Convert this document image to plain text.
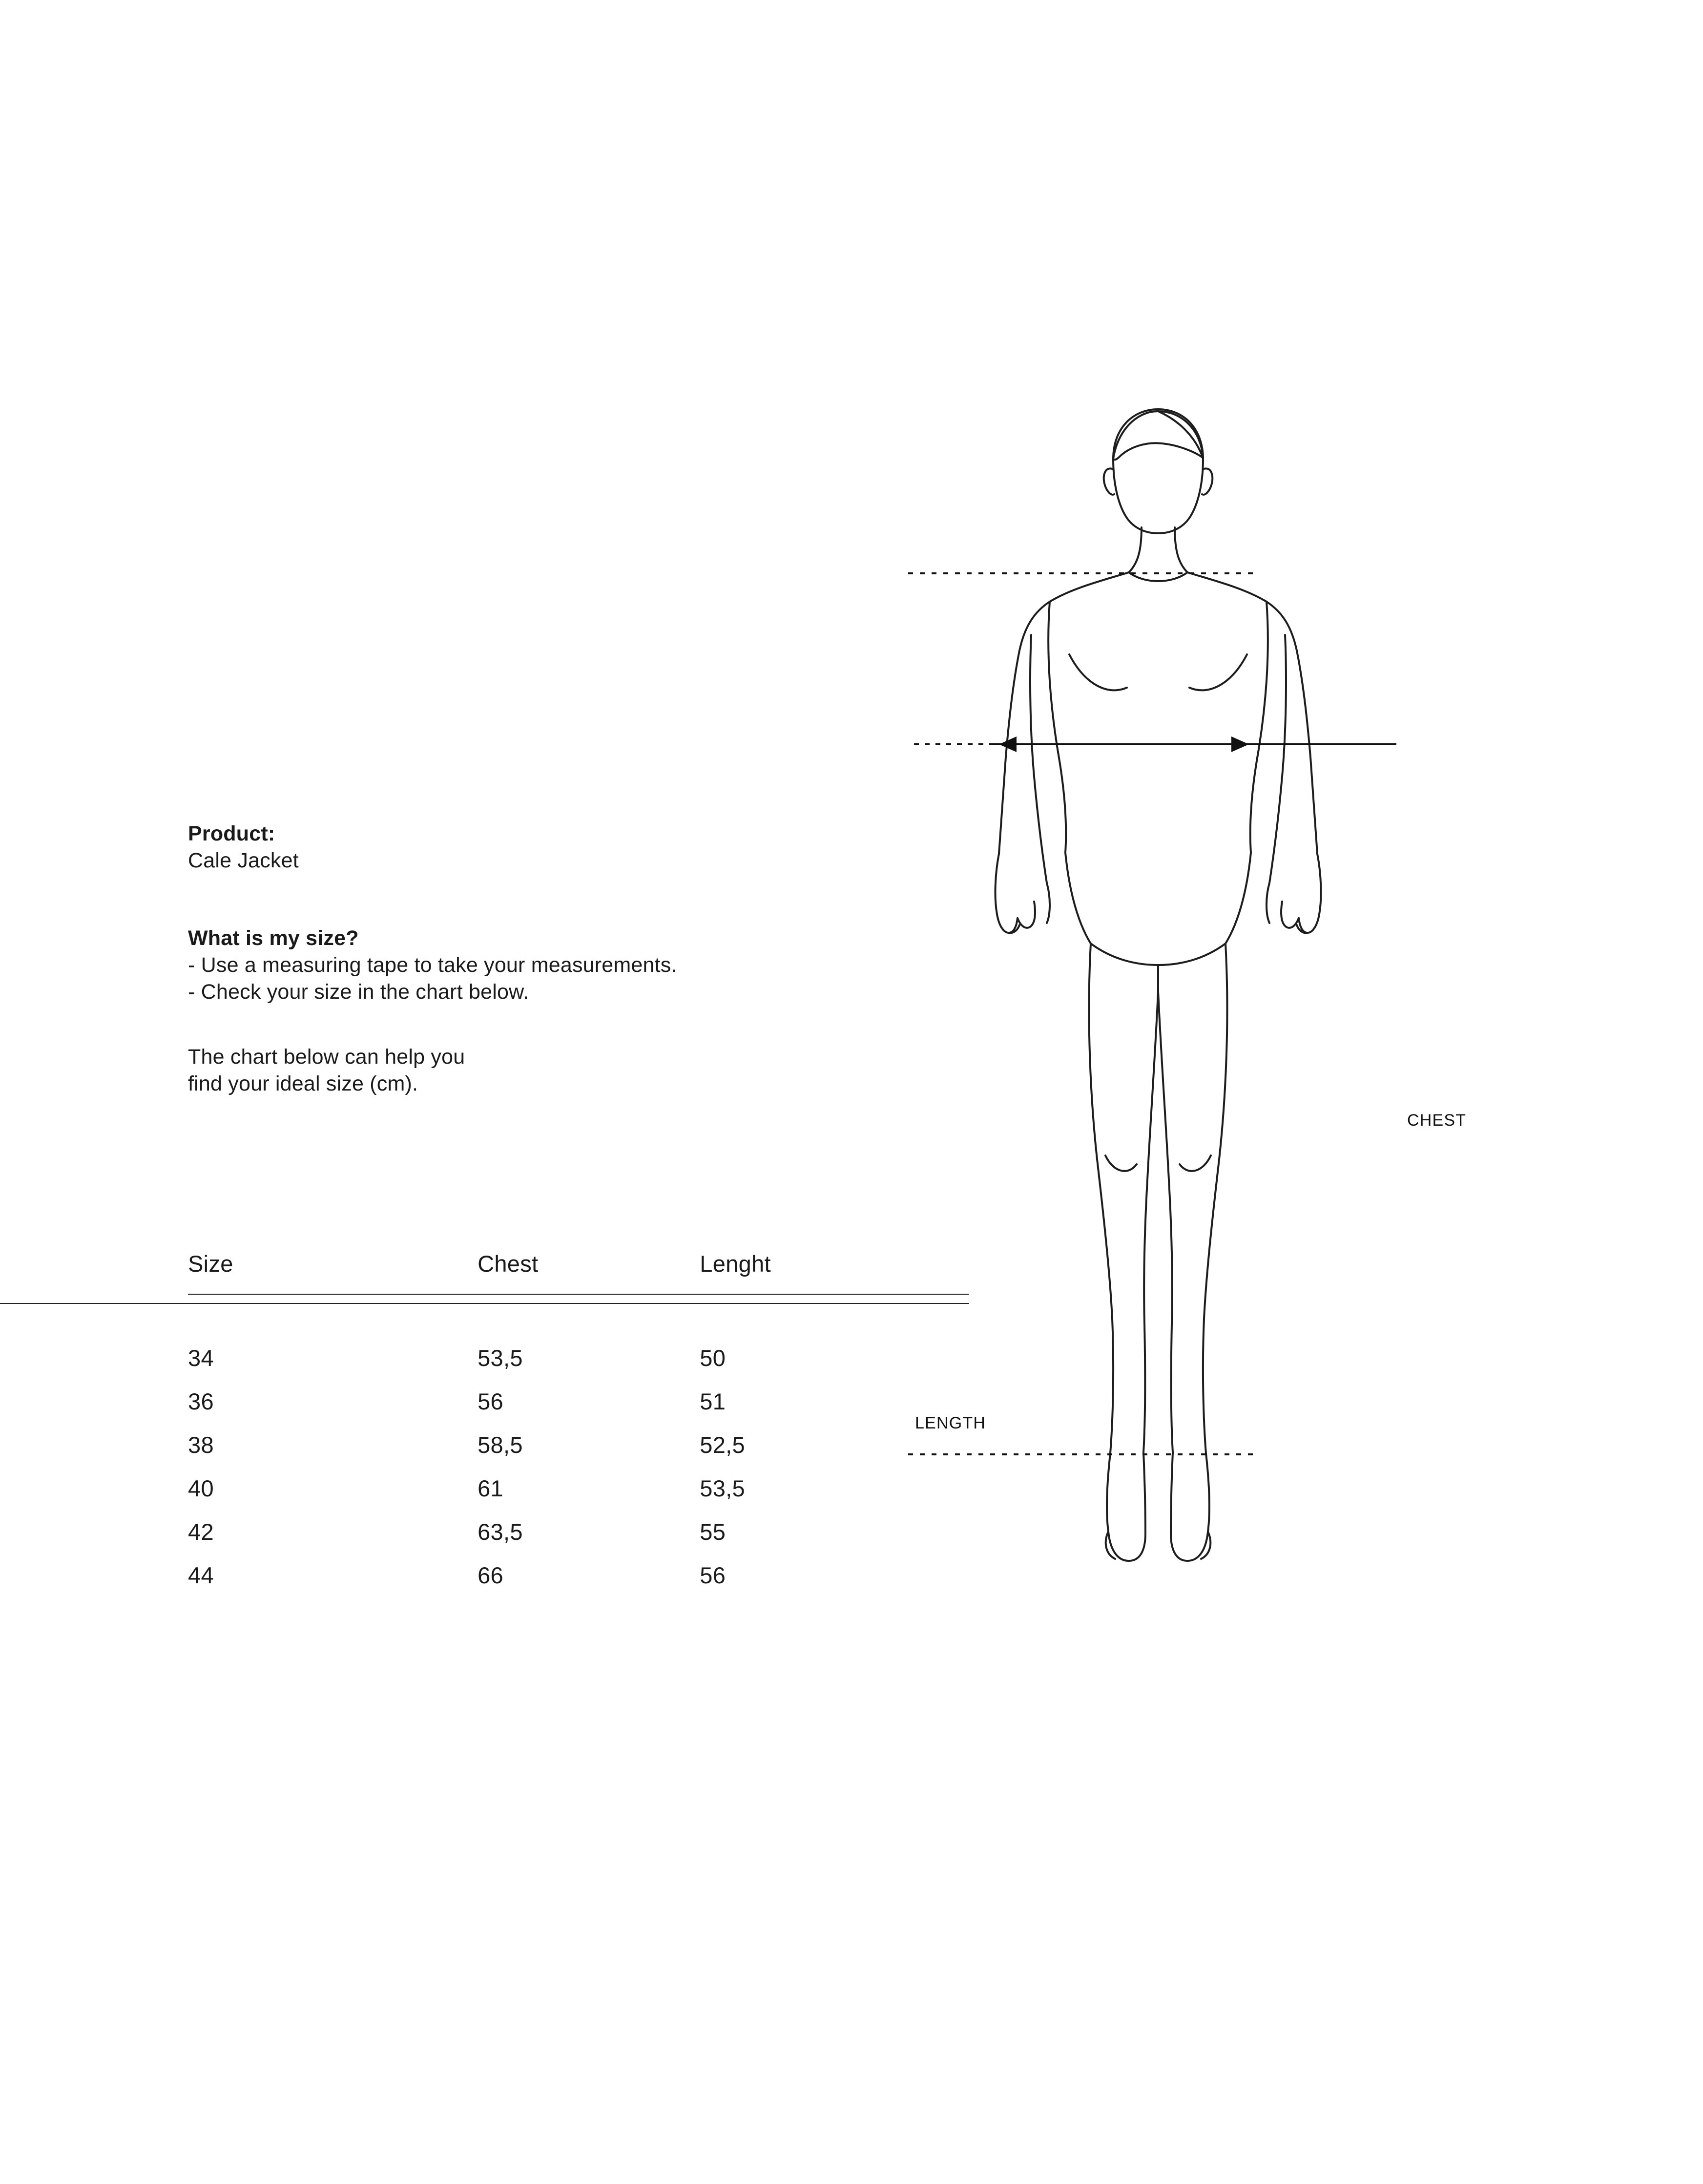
Product:
Cale Jacket
What is my size?
- Use a measuring tape to take your measurements.
- Check your size in the chart below.
The chart below can help you
find your ideal size (cm).
Size	Chest	Lenght
34	53,5	50
36	56	51
38	58,5	52,5
40	61	53,5
42	63,5	55
44	66	56
CHEST
LENGTH
